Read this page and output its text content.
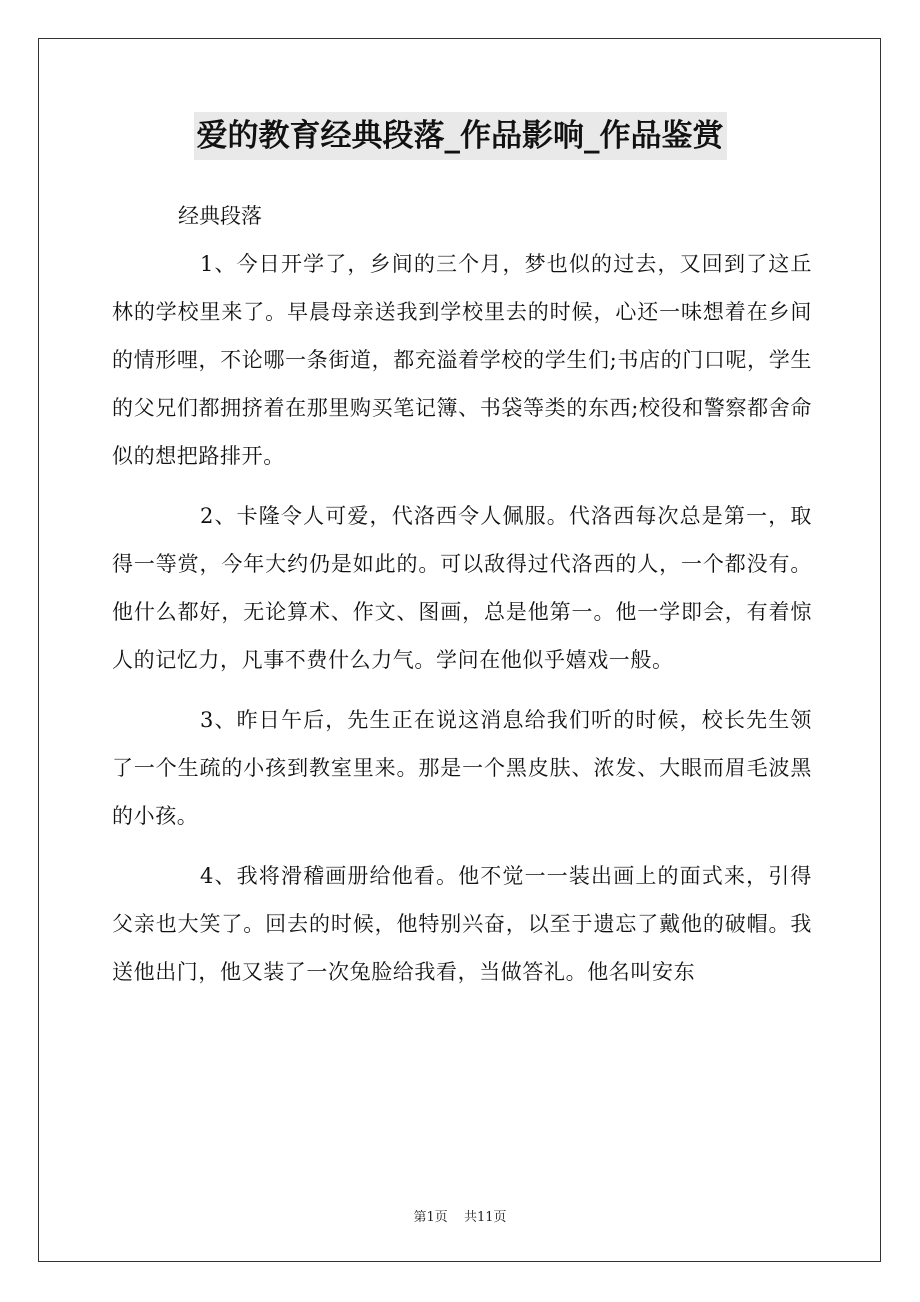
爱的教育经典段落_作品影响_作品鉴赏

经典段落

1、今日开学了，乡间的三个月，梦也似的过去，又回到了这丘林的学校里来了。早晨母亲送我到学校里去的时候，心还一味想着在乡间的情形哩，不论哪一条街道，都充溢着学校的学生们;书店的门口呢，学生的父兄们都拥挤着在那里购买笔记簿、书袋等类的东西;校役和警察都舍命似的想把路排开。

2、卡隆令人可爱，代洛西令人佩服。代洛西每次总是第一，取得一等赏，今年大约仍是如此的。可以敌得过代洛西的人，一个都没有。他什么都好，无论算术、作文、图画，总是他第一。他一学即会，有着惊人的记忆力，凡事不费什么力气。学问在他似乎嬉戏一般。

3、昨日午后，先生正在说这消息给我们听的时候，校长先生领了一个生疏的小孩到教室里来。那是一个黑皮肤、浓发、大眼而眉毛波黑的小孩。

4、我将滑稽画册给他看。他不觉一一装出画上的面式来，引得父亲也大笑了。回去的时候，他特别兴奋，以至于遗忘了戴他的破帽。我送他出门，他又装了一次兔脸给我看，当做答礼。他名叫安东

第1页 共11页
